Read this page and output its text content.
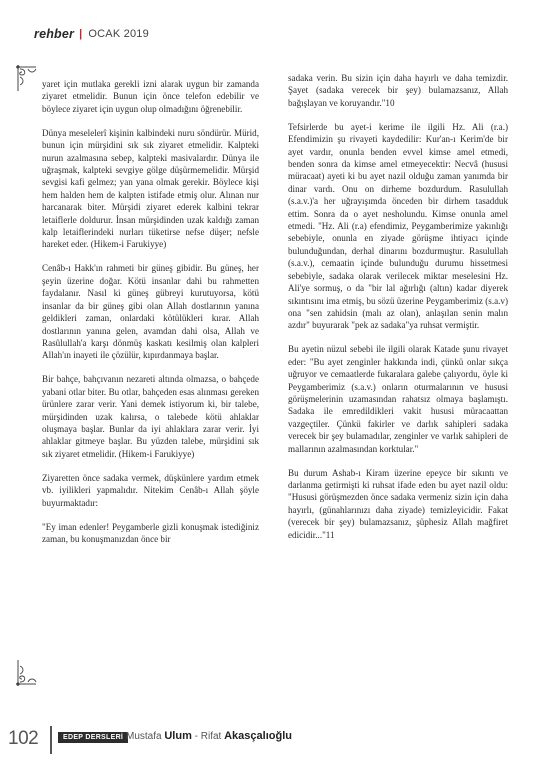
rehber | OCAK 2019

yaret için mutlaka gerekli izni alarak uygun bir zamanda ziyaret etmelidir. Bunun için önce telefon edebilir ve böylece ziyaret için uygun olup olmadığını öğrenebilir.

Dünya meselelerî kişinin kalbindeki nuru söndürür. Mürid, bunun için mürşidini sık sık ziyaret etmelidir. Kalpteki nurun azalmasına sebep, kalpteki masivalardır. Dünya ile uğraşmak, kalpteki sevgiye gölge düşürmemelidir. Mürşid sevgisi kafi gelmez; yan yana olmak gerekir. Böylece kişi hem halden hem de kalpten istifade etmiş olur. Alınan nur harcanarak biter. Mürşidi ziyaret ederek kalbini tekrar letaiflerle doldurur. İnsan mürşidinden uzak kaldığı zaman kalp letaiflerindeki nurları tüketirse nefse düşer; nefsle hareket eder. (Hikem-i Farukiyye)

Cenâb-ı Hakk'ın rahmeti bir güneş gibidir. Bu güneş, her şeyin üzerine doğar. Kötü insanlar dahi bu rahmetten faydalanır. Nasıl ki güneş gübreyi kurutuyorsa, kötü insanlar da bir güneş gibi olan Allah dostlarının yanına geldikleri zaman, onlardaki kötülükleri kırar. Allah dostlarının yanına gelen, avamdan dahi olsa, Allah ve Rasûlullah'a karşı dönmüş kaskatı kesilmiş olan kalpleri Allah'ın inayeti ile çözülür, kıpırdanmaya başlar.

Bir bahçe, bahçıvanın nezareti altında olmazsa, o bahçede yabani otlar biter. Bu otlar, bahçeden esas alınması gereken ürünlere zarar verir. Yani demek istiyorum ki, bir talebe, mürşidinden uzak kalırsa, o talebede kötü ahlaklar oluşmaya başlar. Bunlar da iyi ahlaklara zarar verir. İyi ahlaklar gitmeye başlar. Bu yüzden talebe, mürşidini sık sık ziyaret etmelidir. (Hikem-i Farukiyye)

Ziyaretten önce sadaka vermek, düşkünlere yardım etmek vb. iyilikleri yapmalıdır. Nitekim Cenâb-ı Allah şöyle buyurmaktadır:

"Ey iman edenler! Peygamberle gizli konuşmak istediğiniz zaman, bu konuşmanızdan önce bir

sadaka verin. Bu sizin için daha hayırlı ve daha temizdir. Şayet (sadaka verecek bir şey) bulamazsanız, Allah bağışlayan ve koruyandır."10

Tefsirlerde bu ayet-i kerime ile ilgili Hz. Ali (r.a.) Efendimizin şu rivayeti kaydedilir: Kur'an-ı Kerim'de bir ayet vardır, onunla benden evvel kimse amel etmedi, benden sonra da kimse amel etmeyecektir: Necvâ (hususi müracaat) ayeti ki bu ayet nazil olduğu zaman yanımda bir dinar vardı. Onu on dirheme bozdurdum. Rasulullah (s.a.v.)'a her uğrayışımda önceden bir dirhem tasadduk ettim. Sonra da o ayet nesholundu. Kimse onunla amel etmedi. "Hz. Ali (r.a) efendimiz, Peygamberimize yakınlığı sebebiyle, onunla en ziyade görüşme ihtiyacı içinde bulunduğundan, derhal dinarını bozdurmuştur. Rasulullah (s.a.v.), cemaatin içinde bulunduğu durumu hissetmesi sebebiyle, sadaka olarak verilecek miktar meselesini Hz. Ali'ye sormuş, o da "bir lal ağırlığı (altın) kadar diyerek sıkıntısını ima etmiş, bu sözü üzerine Peygamberimiz (s.a.v) ona "sen zahidsin (malı az olan), anlaşılan senin malın azdır" buyurarak "pek az sadaka"ya ruhsat vermiştir.

Bu ayetin nüzul sebebi ile ilgili olarak Katade şunu rivayet eder: "Bu ayet zenginler hakkında indi, çünkü onlar sıkça uğruyor ve cemaatlerde fukaralara galebe çalıyordu, öyle ki Peygamberimiz (s.a.v.) onların oturmalarının ve hususi görüşmelerinin uzamasından rahatsız olmaya başlamıştı. Sadaka ile emredildikleri vakit hususi müracaattan vazgeçtiler. Çünkü fakirler ve darlık sahipleri sadaka verecek bir şey bulamadılar, zenginler ve varlık sahipleri de mallarının azalmasından korktular."

Bu durum Ashab-ı Kiram üzerine epeyce bir sıkıntı ve darlanma getirmişti ki ruhsat ifade eden bu ayet nazil oldu: "Hususi görüşmezden önce sadaka vermeniz sizin için daha hayırlı, (günahlarınızı daha ziyade) temizleyicidir. Fakat (verecek bir şey) bulamazsanız, şüphesiz Allah mağfiret edicidir..."11

102	EDEP DERSLERİ Mustafa Ulum - Rifat Akasçalıoğlu
